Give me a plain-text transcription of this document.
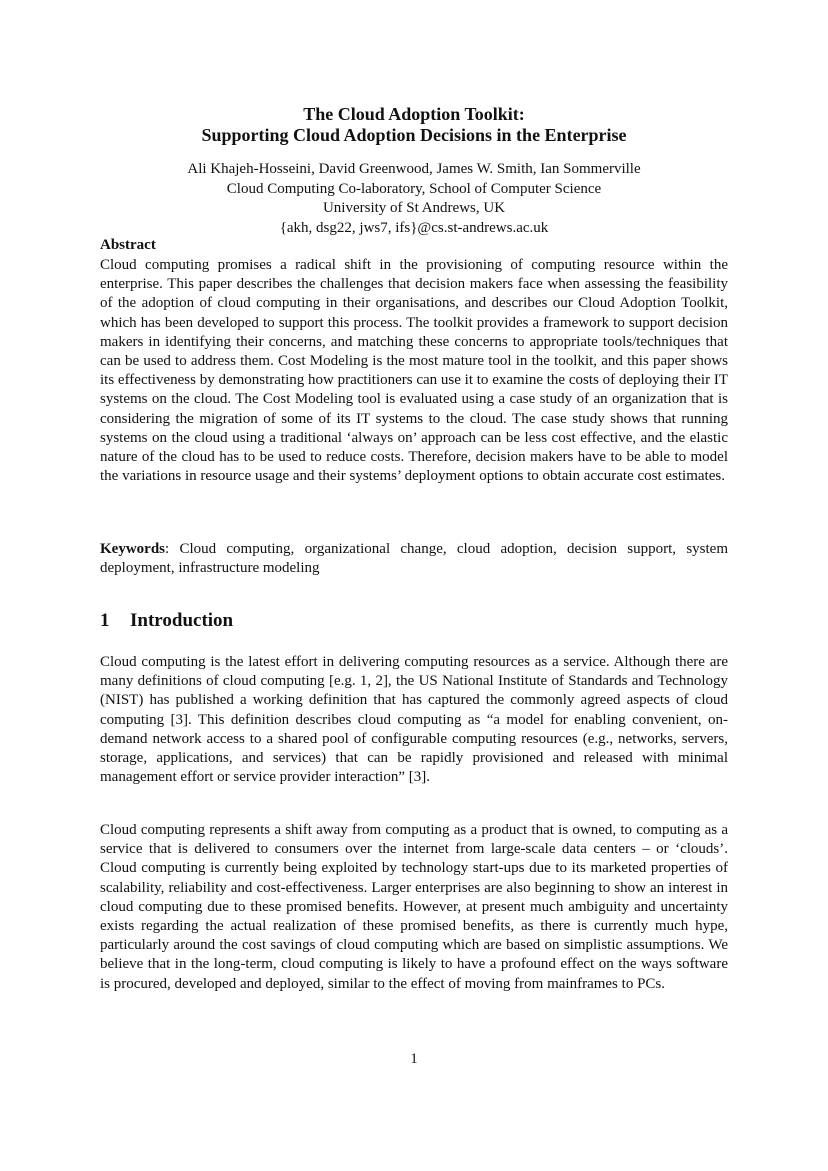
The Cloud Adoption Toolkit:
Supporting Cloud Adoption Decisions in the Enterprise
Ali Khajeh-Hosseini, David Greenwood, James W. Smith, Ian Sommerville
Cloud Computing Co-laboratory, School of Computer Science
University of St Andrews, UK
{akh, dsg22, jws7, ifs}@cs.st-andrews.ac.uk
Abstract
Cloud computing promises a radical shift in the provisioning of computing resource within the enterprise. This paper describes the challenges that decision makers face when assessing the feasibility of the adoption of cloud computing in their organisations, and describes our Cloud Adoption Toolkit, which has been developed to support this process. The toolkit provides a framework to support decision makers in identifying their concerns, and matching these concerns to appropriate tools/techniques that can be used to address them. Cost Modeling is the most mature tool in the toolkit, and this paper shows its effectiveness by demonstrating how practitioners can use it to examine the costs of deploying their IT systems on the cloud. The Cost Modeling tool is evaluated using a case study of an organization that is considering the migration of some of its IT systems to the cloud. The case study shows that running systems on the cloud using a traditional ‘always on’ approach can be less cost effective, and the elastic nature of the cloud has to be used to reduce costs. Therefore, decision makers have to be able to model the variations in resource usage and their systems’ deployment options to obtain accurate cost estimates.
Keywords: Cloud computing, organizational change, cloud adoption, decision support, system deployment, infrastructure modeling
1 Introduction
Cloud computing is the latest effort in delivering computing resources as a service. Although there are many definitions of cloud computing [e.g. 1, 2], the US National Institute of Standards and Technology (NIST) has published a working definition that has captured the commonly agreed aspects of cloud computing [3]. This definition describes cloud computing as “a model for enabling convenient, on-demand network access to a shared pool of configurable computing resources (e.g., networks, servers, storage, applications, and services) that can be rapidly provisioned and released with minimal management effort or service provider interaction” [3].
Cloud computing represents a shift away from computing as a product that is owned, to computing as a service that is delivered to consumers over the internet from large-scale data centers – or ‘clouds’. Cloud computing is currently being exploited by technology start-ups due to its marketed properties of scalability, reliability and cost-effectiveness. Larger enterprises are also beginning to show an interest in cloud computing due to these promised benefits. However, at present much ambiguity and uncertainty exists regarding the actual realization of these promised benefits, as there is currently much hype, particularly around the cost savings of cloud computing which are based on simplistic assumptions. We believe that in the long-term, cloud computing is likely to have a profound effect on the ways software is procured, developed and deployed, similar to the effect of moving from mainframes to PCs.
1
